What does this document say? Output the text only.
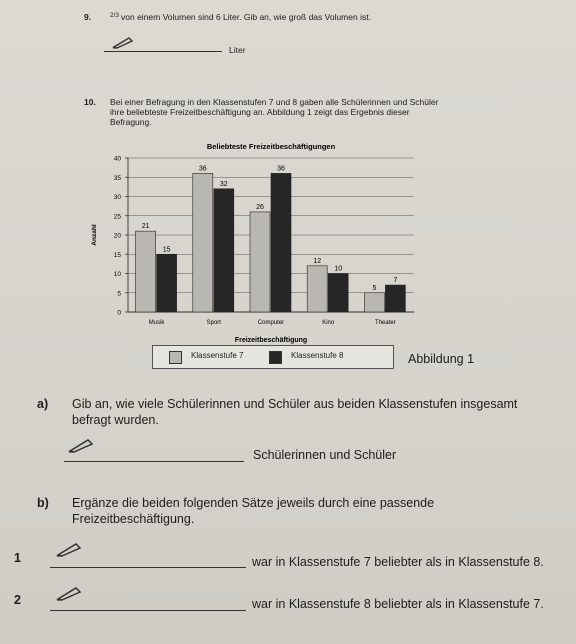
9.	2/3 von einem Volumen sind 6 Liter. Gib an, wie groß das Volumen ist.
Liter
10. Bei einer Befragung in den Klassenstufen 7 und 8 gaben alle Schülerinnen und Schüler
ihre beliebteste Freizeitbeschäftigung an. Abbildung 1 zeigt das Ergebnis dieser
Befragung.
Beliebteste Freizeitbeschäftigungen
0
5
10
15
20
25
30
35
40
Anzahl
Freizeitbeschäftigung
21
15
Musik
36
32
Sport
26
36
Computer
12
10
Kino
5
7
Theater
Klassenstufe 7	Klassenstufe 8	Abbildung 1
a) Gib an, wie viele Schülerinnen und Schüler aus beiden Klassenstufen insgesamt
befragt wurden.
Schülerinnen und Schüler
b) Ergänze die beiden folgenden Sätze jeweils durch eine passende
Freizeitbeschäftigung.
1	war in Klassenstufe 7 beliebter als in Klassenstufe 8.
2	war in Klassenstufe 8 beliebter als in Klassenstufe 7.
